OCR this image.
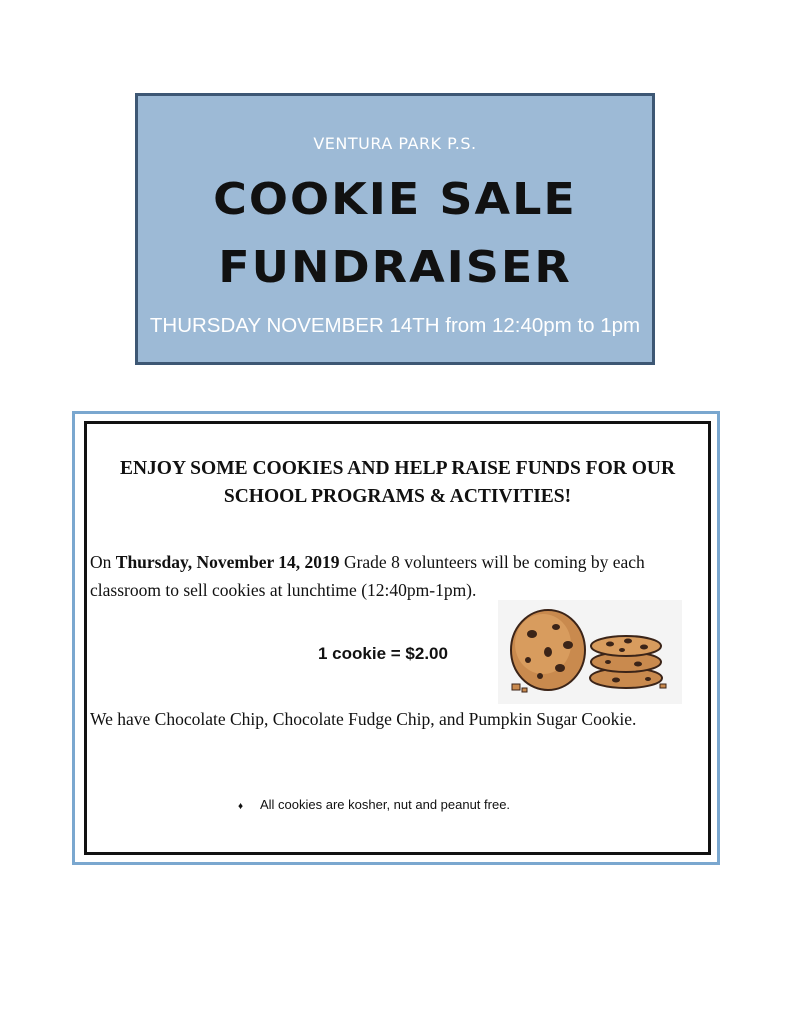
VENTURA PARK P.S.
COOKIE SALE
FUNDRAISER
THURSDAY NOVEMBER 14TH from 12:40pm to 1pm
ENJOY SOME COOKIES AND HELP RAISE FUNDS FOR OUR SCHOOL PROGRAMS & ACTIVITIES!
On Thursday, November 14, 2019 Grade 8 volunteers will be coming by each classroom to sell cookies at lunchtime (12:40pm-1pm).
1 cookie = $2.00
We have Chocolate Chip, Chocolate Fudge Chip, and Pumpkin Sugar Cookie.
♦ All cookies are kosher, nut and peanut free.
